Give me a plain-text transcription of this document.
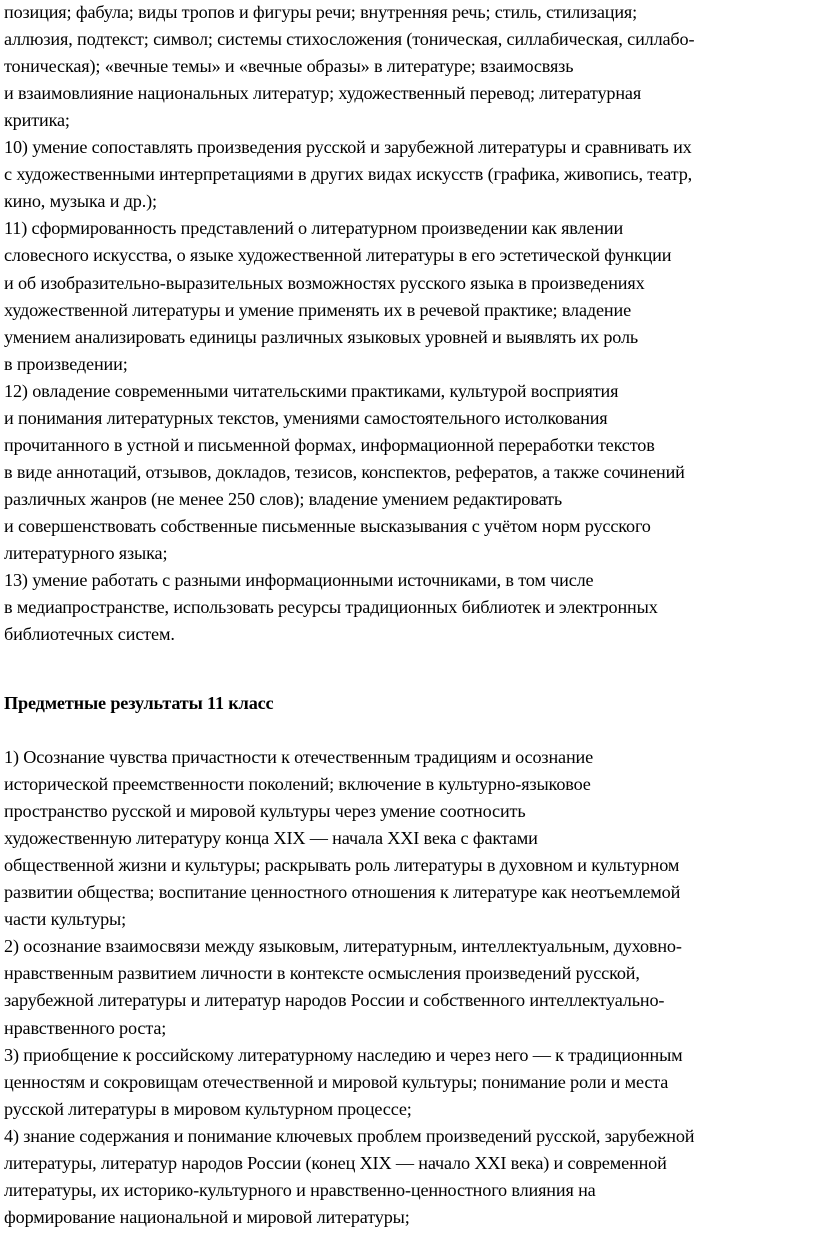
позиция; фабула; виды тропов и фигуры речи; внутренняя речь; стиль, стилизация;
аллюзия, подтекст; символ; системы стихосложения (тоническая, силлабическая, силлабо-
тоническая); «вечные темы» и «вечные образы» в литературе; взаимосвязь
и взаимовлияние национальных литератур; художественный перевод; литературная
критика;
10) умение сопоставлять произведения русской и зарубежной литературы и сравнивать их
с художественными интерпретациями в других видах искусств (графика, живопись, театр,
кино, музыка и др.);
11) сформированность представлений о литературном произведении как явлении
словесного искусства, о языке художественной литературы в его эстетической функции
и об изобразительно-выразительных возможностях русского языка в произведениях
художественной литературы и умение применять их в речевой практике; владение
умением анализировать единицы различных языковых уровней и выявлять их роль
в произведении;
12) овладение современными читательскими практиками, культурой восприятия
и понимания литературных текстов, умениями самостоятельного истолкования
прочитанного в устной и письменной формах, информационной переработки текстов
в виде аннотаций, отзывов, докладов, тезисов, конспектов, рефератов, а также сочинений
различных жанров (не менее 250 слов); владение умением редактировать
и совершенствовать собственные письменные высказывания с учётом норм русского
литературного языка;
13) умение работать с разными информационными источниками, в том числе
в медиапространстве, использовать ресурсы традиционных библиотек и электронных
библиотечных систем.
Предметные результаты 11 класс
1) Осознание чувства причастности к отечественным традициям и осознание
исторической преемственности поколений; включение в культурно-языковое
пространство русской и мировой культуры через умение соотносить
художественную литературу конца XIX — начала XXI века с фактами
общественной жизни и культуры; раскрывать роль литературы в духовном и культурном
развитии общества; воспитание ценностного отношения к литературе как неотъемлемой
части культуры;
2) осознание взаимосвязи между языковым, литературным, интеллектуальным, духовно-
нравственным развитием личности в контексте осмысления произведений русской,
зарубежной литературы и литератур народов России и собственного интеллектуально-
нравственного роста;
3) приобщение к российскому литературному наследию и через него — к традиционным
ценностям и сокровищам отечественной и мировой культуры; понимание роли и места
русской литературы в мировом культурном процессе;
4) знание содержания и понимание ключевых проблем произведений русской, зарубежной
литературы, литератур народов России (конец XIX — начало XXI века) и современной
литературы, их историко-культурного и нравственно-ценностного влияния на
формирование национальной и мировой литературы;
